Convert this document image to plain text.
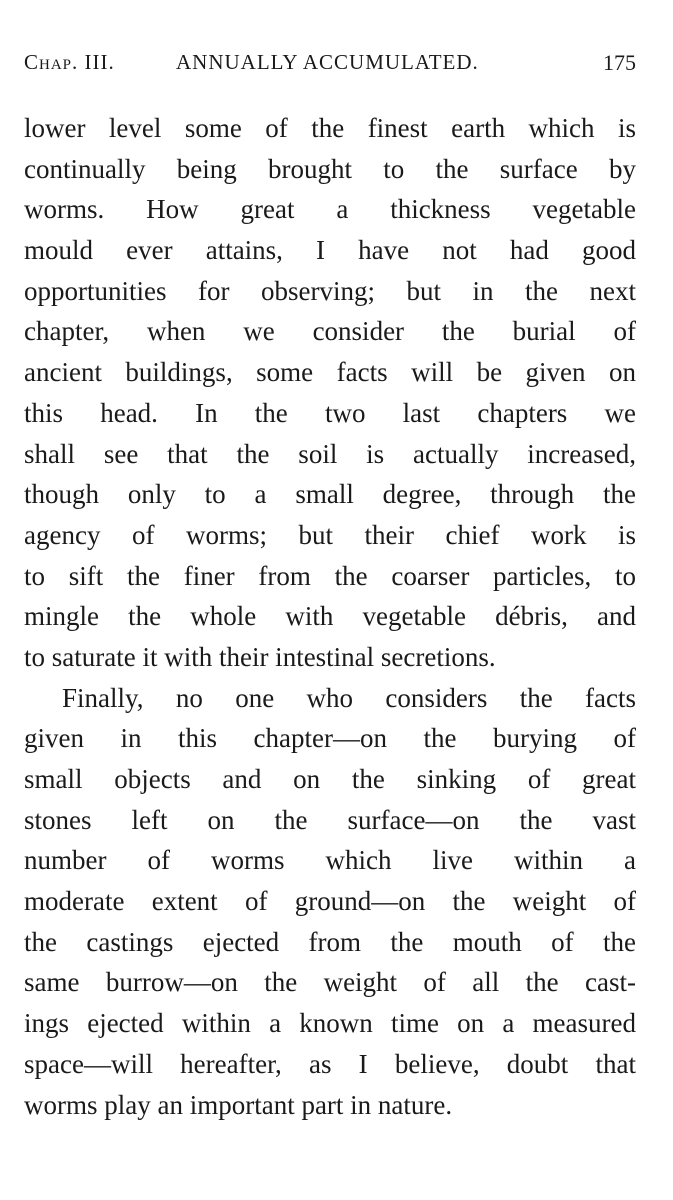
Chap. III.	ANNUALLY ACCUMULATED.	175
lower level some of the finest earth which is
continually being brought to the surface by
worms. How great a thickness vegetable
mould ever attains, I have not had good
opportunities for observing; but in the next
chapter, when we consider the burial of
ancient buildings, some facts will be given on
this head. In the two last chapters we
shall see that the soil is actually increased,
though only to a small degree, through the
agency of worms; but their chief work is
to sift the finer from the coarser particles, to
mingle the whole with vegetable débris, and
to saturate it with their intestinal secretions.
Finally, no one who considers the facts
given in this chapter—on the burying of
small objects and on the sinking of great
stones left on the surface—on the vast
number of worms which live within a
moderate extent of ground—on the weight of
the castings ejected from the mouth of the
same burrow—on the weight of all the cast-
ings ejected within a known time on a measured
space—will hereafter, as I believe, doubt that
worms play an important part in nature.
